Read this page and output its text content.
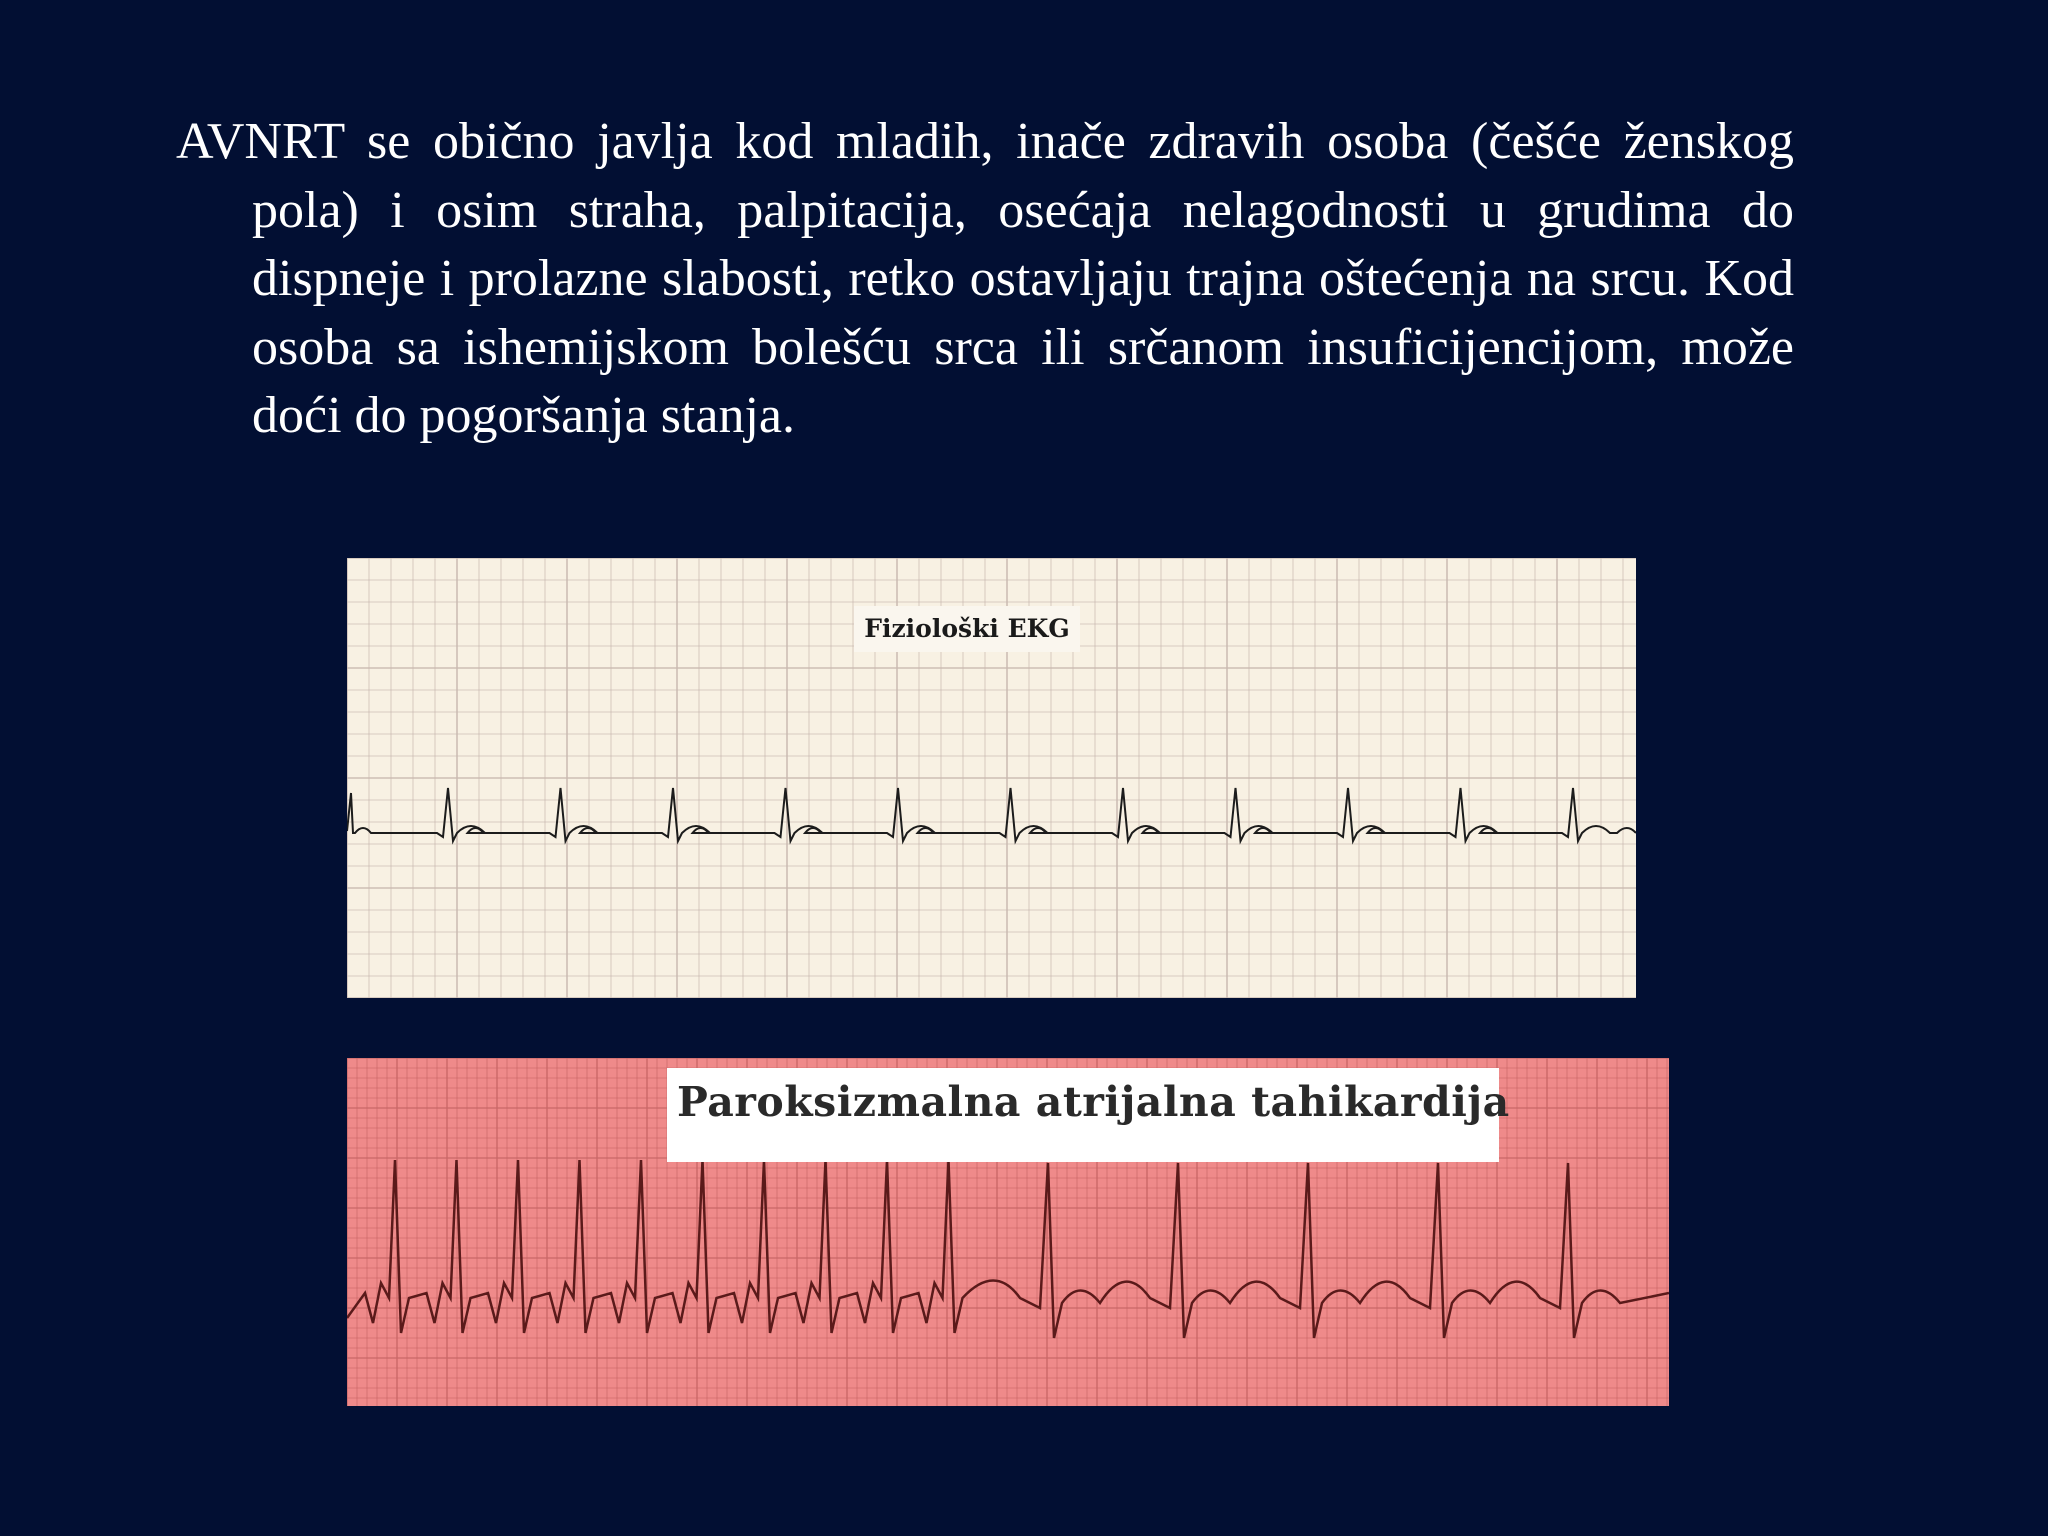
AVNRT se obično javlja kod mladih, inače zdravih osoba (češće ženskog pola) i osim straha, palpitacija, osećaja nelagodnosti u grudima do dispneje i prolazne slabosti, retko ostavljaju trajna oštećenja na srcu. Kod osoba sa ishemijskom bolešću srca ili srčanom insuficijencijom, može doći do pogoršanja stanja.

Fiziološki EKG
Paroksizmalna atrijalna tahikardija
